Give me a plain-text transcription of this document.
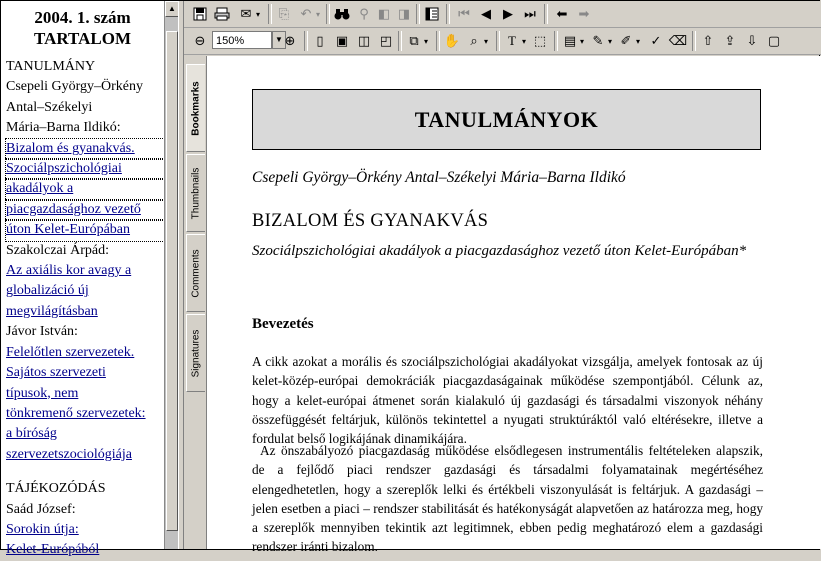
2004. 1. szám
TARTALOM
TANULMÁNY
Csepeli György–Örkény
Antal–Székelyi
Mária–Barna Ildikó:
Bizalom és gyanakvás.
Szociálpszichológiai
akadályok a
piacgazdasághoz vezető
úton Kelet-Európában
Szakolczai Árpád:
Az axiális kor avagy a
globalizáció új
megvilágításban
Jávor István:
Felelőtlen szervezetek.
Sajátos szervezeti
típusok, nem
tönkremenő szervezetek:
a bíróság
szervezetszociológiája
TÁJÉKOZÓDÁS
Saád József:
Sorokin útja:
Kelet-Európából
▲	✉ ▾	⎘ ↶ ▾	⚲ ◧ ◨	⏮ ◀ ▶ ⏭	⬅ ➡
⊖ 150%	▼ ⊕	▯ ▣ ◫ ◰	⧉ ▾	✋ ⌕ ▾	T ▾ ⬚ ▤ ▾ ✎ ▾ ✐ ▾ ✓ ⌫	⇧ ⇪ ⇩ ▢
Bookmarks
Thumbnails
Comments
Signatures
TANULMÁNYOK
Csepeli György–Örkény Antal–Székelyi Mária–Barna Ildikó
BIZALOM ÉS GYANAKVÁS
Szociálpszichológiai akadályok a piacgazdasághoz vezető úton Kelet-Európában*
Bevezetés
A cikk azokat a morális és szociálpszichológiai akadályokat vizsgálja, amelyek fontosak az új kelet-közép-európai demokráciák piacgazdaságainak működése szempontjából. Célunk az, hogy a kelet-európai átmenet során kialakuló új gazdasági és társadalmi viszonyok néhány összefüggését feltárjuk, különös tekintettel a nyugati struktúráktól való eltérésekre, illetve a fordulat belső logikájának dinamikájára.
Az önszabályozó piacgazdaság működése elsődlegesen instrumentális feltételeken alapszik, de a fejlődő piaci rendszer gazdasági és társadalmi folyamatainak megértéséhez elengedhetetlen, hogy a szereplők lelki és értékbeli viszonyulását is feltárjuk. A gazdasági – jelen esetben a piaci – rendszer stabilitását és hatékonyságát alapvetően az határozza meg, hogy a szereplők mennyiben tekintik azt legitimnek, ebben pedig meghatározó elem a gazdasági rendszer iránti bizalom.
